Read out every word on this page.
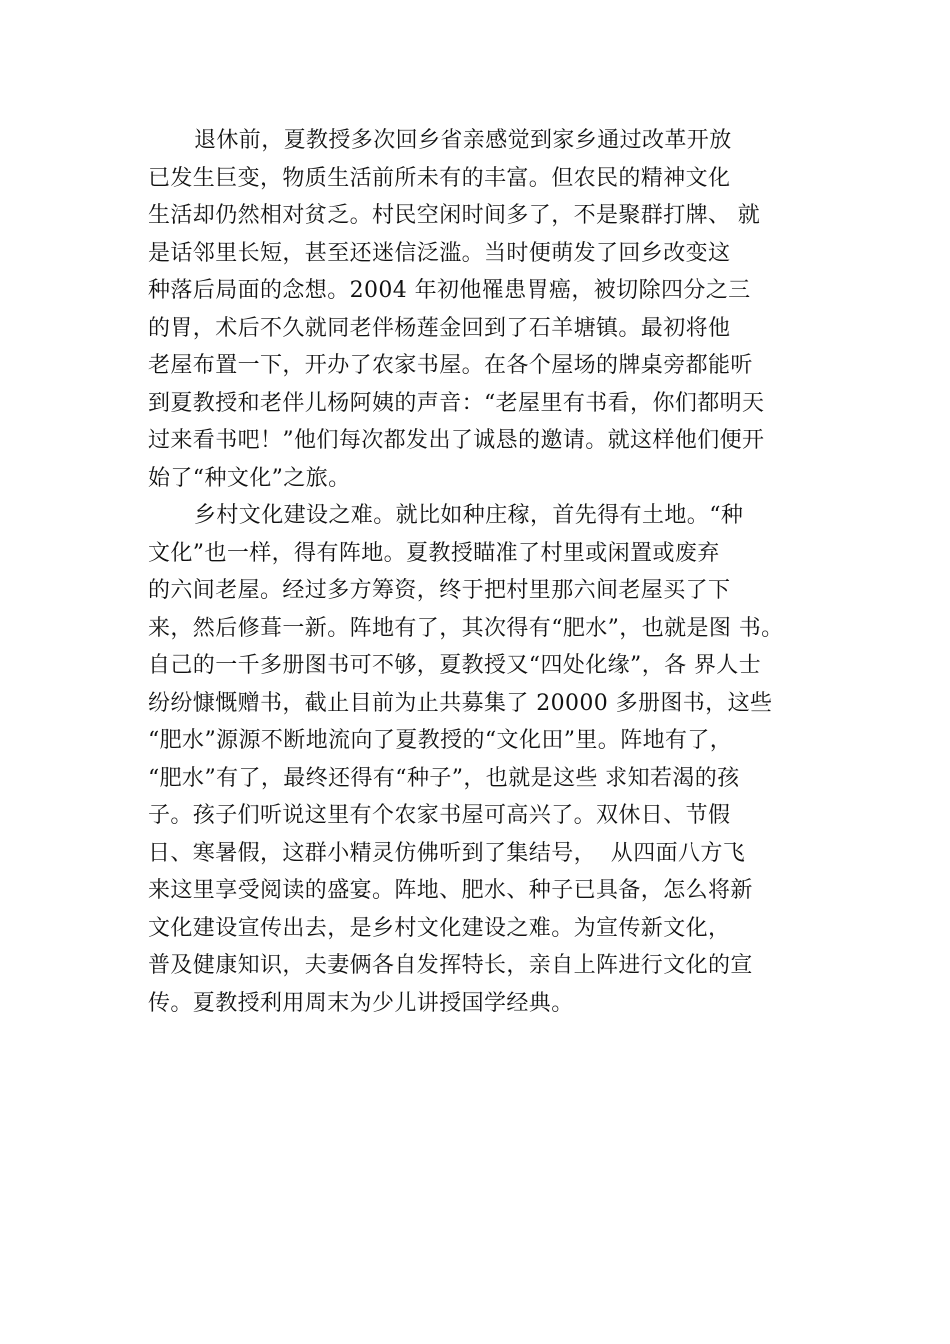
退休前，夏教授多次回乡省亲感觉到家乡通过改革开放
已发生巨变，物质生活前所未有的丰富。但农民的精神文化
生活却仍然相对贫乏。村民空闲时间多了，不是聚群打牌、 就
是话邻里长短，甚至还迷信泛滥。当时便萌发了回乡改变这
种落后局面的念想。2004 年初他罹患胃癌，被切除四分之三
的胃，术后不久就同老伴杨莲金回到了石羊塘镇。最初将他
老屋布置一下，开办了农家书屋。在各个屋场的牌桌旁都能听
到夏教授和老伴儿杨阿姨的声音：“老屋里有书看，你们都明天
过来看书吧！”他们每次都发出了诚恳的邀请。就这样他们便开
始了“种文化”之旅。
乡村文化建设之难。就比如种庄稼，首先得有土地。“种
文化”也一样，得有阵地。夏教授瞄准了村里或闲置或废弃
的六间老屋。经过多方筹资，终于把村里那六间老屋买了下
来，然后修葺一新。阵地有了，其次得有“肥水”，也就是图 书。
自己的一千多册图书可不够，夏教授又“四处化缘”，各 界人士
纷纷慷慨赠书，截止目前为止共募集了 20000 多册图书，这些
“肥水”源源不断地流向了夏教授的“文化田”里。阵地有了，
“肥水”有了，最终还得有“种子”，也就是这些 求知若渴的孩
子。孩子们听说这里有个农家书屋可高兴了。双休日、节假
日、寒暑假，这群小精灵仿佛听到了集结号，  从四面八方飞
来这里享受阅读的盛宴。阵地、肥水、种子已具备，怎么将新
文化建设宣传出去，是乡村文化建设之难。为宣传新文化，
普及健康知识，夫妻俩各自发挥特长，亲自上阵进行文化的宣
传。夏教授利用周末为少儿讲授国学经典。
